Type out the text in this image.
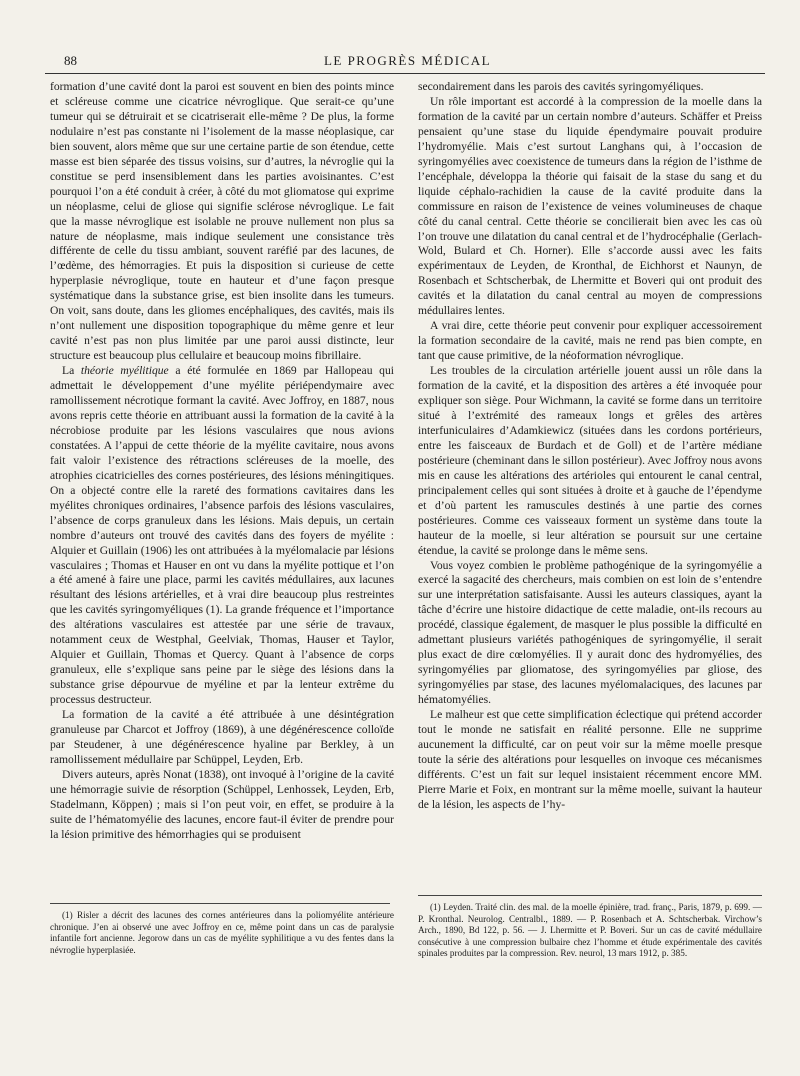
88	LE PROGRÈS MÉDICAL

formation d’une cavité dont la paroi est souvent en bien des points mince et scléreuse comme une cicatrice névroglique. Que serait-ce qu’une tumeur qui se détruirait et se cicatriserait elle-même ? De plus, la forme nodulaire n’est pas constante ni l’isolement de la masse néoplasique, car bien souvent, alors même que sur une certaine partie de son étendue, cette masse est bien séparée des tissus voisins, sur d’autres, la névroglie qui la constitue se perd insensiblement dans les parties avoisinantes. C’est pourquoi l’on a été conduit à créer, à côté du mot gliomatose qui exprime un néoplasme, celui de gliose qui signifie sclérose névroglique. Le fait que la masse névroglique est isolable ne prouve nullement non plus sa nature de néoplasme, mais indique seulement une consistance très différente de celle du tissu ambiant, souvent raréfié par des lacunes, de l’œdème, des hémorragies. Et puis la disposition si curieuse de cette hyperplasie névroglique, toute en hauteur et d’une façon presque systématique dans la substance grise, est bien insolite dans les tumeurs. On voit, sans doute, dans les gliomes encéphaliques, des cavités, mais ils n’ont nullement une disposition topographique du même genre et leur cavité n’est pas non plus limitée par une paroi aussi distincte, leur structure est beaucoup plus cellulaire et beaucoup moins fibrillaire.

La théorie myélitique a été formulée en 1869 par Hallopeau qui admettait le développement d’une myélite périépendymaire avec ramollissement nécrotique formant la cavité. Avec Joffroy, en 1887, nous avons repris cette théorie en attribuant aussi la formation de la cavité à la nécrobiose produite par les lésions vasculaires que nous avions constatées. A l’appui de cette théorie de la myélite cavitaire, nous avons fait valoir l’existence des rétractions scléreuses de la moelle, des atrophies cicatricielles des cornes postérieures, des lésions méningitiques. On a objecté contre elle la rareté des formations cavitaires dans les myélites chroniques ordinaires, l’absence parfois des lésions vasculaires, l’absence de corps granuleux dans les lésions. Mais depuis, un certain nombre d’auteurs ont trouvé des cavités dans des foyers de myélite : Alquier et Guillain (1906) les ont attribuées à la myélomalacie par lésions vasculaires ; Thomas et Hauser en ont vu dans la myélite pottique et l’on a été amené à faire une place, parmi les cavités médullaires, aux lacunes résultant des lésions artérielles, et à vrai dire beaucoup plus restreintes que les cavités syringomyéliques (1). La grande fréquence et l’importance des altérations vasculaires est attestée par une série de travaux, notamment ceux de Westphal, Geelviak, Thomas, Hauser et Taylor, Alquier et Guillain, Thomas et Quercy. Quant à l’absence de corps granuleux, elle s’explique sans peine par le siège des lésions dans la substance grise dépourvue de myéline et par la lenteur extrême du processus destructeur.

La formation de la cavité a été attribuée à une désintégration granuleuse par Charcot et Joffroy (1869), à une dégénérescence colloïde par Steudener, à une dégénérescence hyaline par Berkley, à un ramollissement médullaire par Schüppel, Leyden, Erb.

Divers auteurs, après Nonat (1838), ont invoqué à l’origine de la cavité une hémorragie suivie de résorption (Schüppel, Lenhossek, Leyden, Erb, Stadelmann, Köppen) ; mais si l’on peut voir, en effet, se produire à la suite de l’hématomyélie des lacunes, encore faut-il éviter de prendre pour la lésion primitive des hémorrhagies qui se produisent

secondairement dans les parois des cavités syringomyéliques.

Un rôle important est accordé à la compression de la moelle dans la formation de la cavité par un certain nombre d’auteurs. Schäffer et Preiss pensaient qu’une stase du liquide épendymaire pouvait produire l’hydromyélie. Mais c’est surtout Langhans qui, à l’occasion de syringomyélies avec coexistence de tumeurs dans la région de l’isthme de l’encéphale, développa la théorie qui faisait de la stase du sang et du liquide céphalo-rachidien la cause de la cavité produite dans la commissure en raison de l’existence de veines volumineuses de chaque côté du canal central. Cette théorie se concilierait bien avec les cas où l’on trouve une dilatation du canal central et de l’hydrocéphalie (Gerlach-Wold, Bulard et Ch. Horner). Elle s’accorde aussi avec les faits expérimentaux de Leyden, de Kronthal, de Eichhorst et Naunyn, de Rosenbach et Schtscherbak, de Lhermitte et Boveri qui ont produit des cavités et la dilatation du canal central au moyen de compressions médullaires lentes.

A vrai dire, cette théorie peut convenir pour expliquer accessoirement la formation secondaire de la cavité, mais ne rend pas bien compte, en tant que cause primitive, de la néoformation névroglique.

Les troubles de la circulation artérielle jouent aussi un rôle dans la formation de la cavité, et la disposition des artères a été invoquée pour expliquer son siège. Pour Wichmann, la cavité se forme dans un territoire situé à l’extrémité des rameaux longs et grêles des artères interfuniculaires d’Adamkiewicz (situées dans les cordons portérieurs, entre les faisceaux de Burdach et de Goll) et de l’artère médiane postérieure (cheminant dans le sillon postérieur). Avec Joffroy nous avons mis en cause les altérations des artérioles qui entourent le canal central, principalement celles qui sont situées à droite et à gauche de l’épendyme et d’où partent les ramuscules destinés à une partie des cornes postérieures. Comme ces vaisseaux forment un système dans toute la hauteur de la moelle, si leur altération se poursuit sur une certaine étendue, la cavité se prolonge dans le même sens.

Vous voyez combien le problème pathogénique de la syringomyélie a exercé la sagacité des chercheurs, mais combien on est loin de s’entendre sur une interprétation satisfaisante. Aussi les auteurs classiques, ayant la tâche d’écrire une histoire didactique de cette maladie, ont-ils recours au procédé, classique également, de masquer le plus possible la difficulté en admettant plusieurs variétés pathogéniques de syringomyélie, il serait plus exact de dire cœlomyélies. Il y aurait donc des hydromyélies, des syringomyélies par gliomatose, des syringomyélies par gliose, des syringomyélies par stase, des lacunes myélomalaciques, des lacunes par hématomyélies.

Le malheur est que cette simplification éclectique qui prétend accorder tout le monde ne satisfait en réalité personne. Elle ne supprime aucunement la difficulté, car on peut voir sur la même moelle presque toute la série des altérations pour lesquelles on invoque ces mécanismes différents. C’est un fait sur lequel insistaient récemment encore MM. Pierre Marie et Foix, en montrant sur la même moelle, suivant la hauteur de la lésion, les aspects de l’hy-

(1) Risler a décrit des lacunes des cornes antérieures dans la poliomyélite antérieure chronique. J’en ai observé une avec Joffroy en ce, même point dans un cas de paralysie infantile fort ancienne. Jegorow dans un cas de myélite syphilitique a vu des fentes dans la névroglie hyperplasiée.

(1) Leyden. Traité clin. des mal. de la moelle épinière, trad. franç., Paris, 1879, p. 699. — P. Kronthal. Neurolog. Centralbl., 1889. — P. Rosenbach et A. Schtscherbak. Virchow’s Arch., 1890, Bd 122, p. 56. — J. Lhermitte et P. Boveri. Sur un cas de cavité médullaire consécutive à une compression bulbaire chez l’homme et étude expérimentale des cavités spinales produites par la compression. Rev. neurol, 13 mars 1912, p. 385.
